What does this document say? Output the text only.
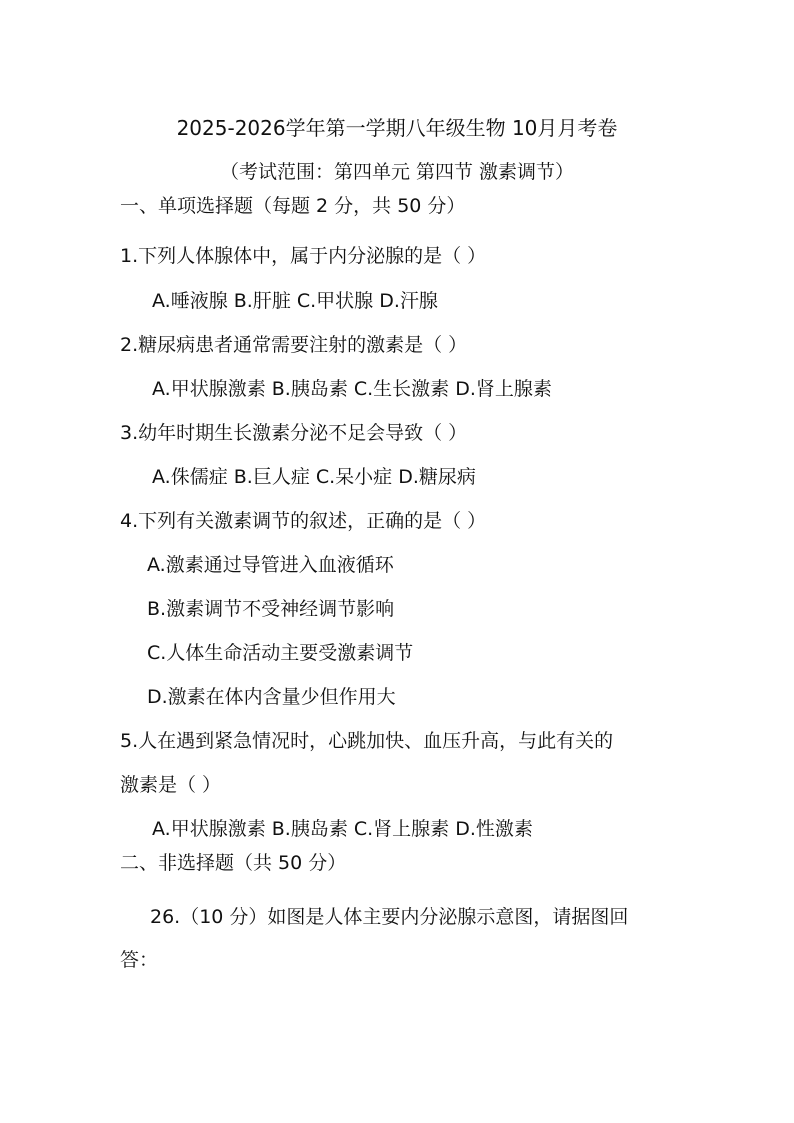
2025-2026学年第一学期八年级生物 10月月考卷
（考试范围：第四单元 第四节 激素调节）
一、单项选择题（每题 2 分，共 50 分）
1.下列人体腺体中，属于内分泌腺的是（ ）
A.唾液腺 B.肝脏 C.甲状腺 D.汗腺
2.糖尿病患者通常需要注射的激素是（ ）
A.甲状腺激素 B.胰岛素 C.生长激素 D.肾上腺素
3.幼年时期生长激素分泌不足会导致（ ）
A.侏儒症 B.巨人症 C.呆小症 D.糖尿病
4.下列有关激素调节的叙述，正确的是（ ）
A.激素通过导管进入血液循环
B.激素调节不受神经调节影响
C.人体生命活动主要受激素调节
D.激素在体内含量少但作用大
5.人在遇到紧急情况时，心跳加快、血压升高，与此有关的
激素是（ ）
A.甲状腺激素 B.胰岛素 C.肾上腺素 D.性激素
二、非选择题（共 50 分）
26.（10 分）如图是人体主要内分泌腺示意图，请据图回
答：
